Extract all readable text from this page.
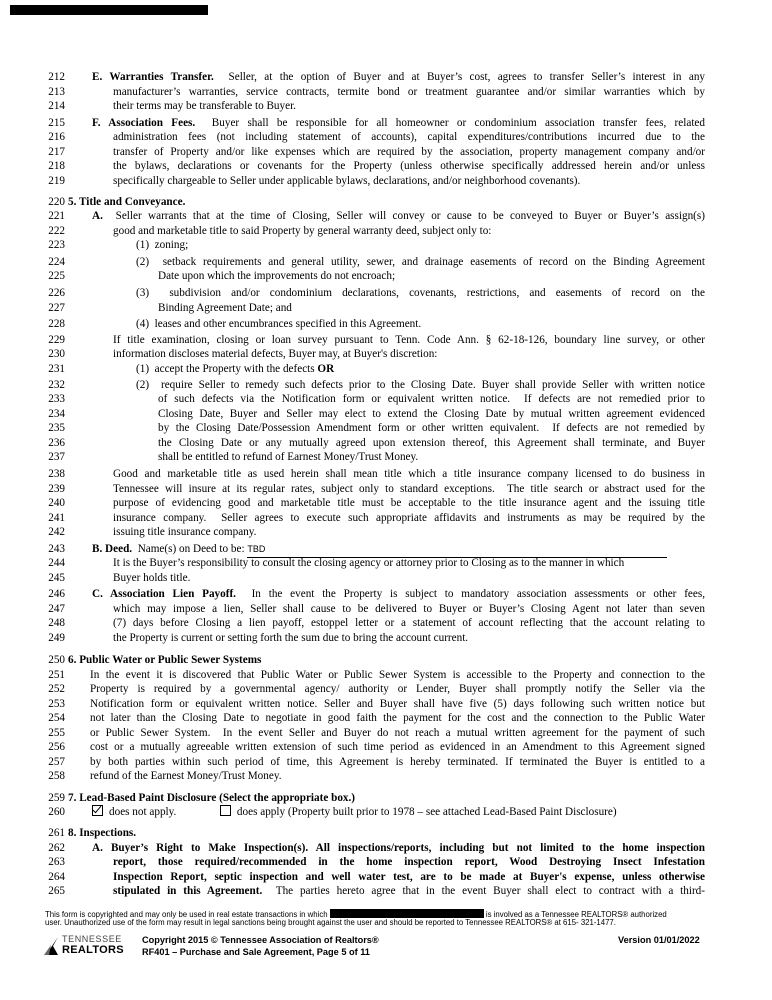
212 E. Warranties Transfer.  Seller, at the option of Buyer and at Buyer’s cost, agrees to transfer Seller’s interest in any
213	manufacturer’s warranties, service contracts, termite bond or treatment guarantee and/or similar warranties which by
214	their terms may be transferable to Buyer.
215 F. Association Fees.  Buyer shall be responsible for all homeowner or condominium association transfer fees, related
216	administration fees (not including statement of accounts), capital expenditures/contributions incurred due to the
217	transfer of Property and/or like expenses which are required by the association, property management company and/or
218	the bylaws, declarations or covenants for the Property (unless otherwise specifically addressed herein and/or unless
219	specifically chargeable to Seller under applicable bylaws, declarations, and/or neighborhood covenants).
220 5. Title and Conveyance.
221 A.  Seller warrants that at the time of Closing, Seller will convey or cause to be conveyed to Buyer or Buyer’s assign(s)
222	good and marketable title to said Property by general warranty deed, subject only to:
223	(1)  zoning;
224	(2)  setback requirements and general utility, sewer, and drainage easements of record on the Binding Agreement
225	Date upon which the improvements do not encroach;
226	(3)  subdivision and/or condominium declarations, covenants, restrictions, and easements of record on the
227	Binding Agreement Date; and
228	(4)  leases and other encumbrances specified in this Agreement.
229	If title examination, closing or loan survey pursuant to Tenn. Code Ann. § 62-18-126, boundary line survey, or other
230	information discloses material defects, Buyer may, at Buyer's discretion:
231	(1)  accept the Property with the defects OR
232	(2)  require Seller to remedy such defects prior to the Closing Date. Buyer shall provide Seller with written notice
233	of such defects via the Notification form or equivalent written notice.  If defects are not remedied prior to
234	Closing Date, Buyer and Seller may elect to extend the Closing Date by mutual written agreement evidenced
235	by the Closing Date/Possession Amendment form or other written equivalent.  If defects are not remedied by
236	the Closing Date or any mutually agreed upon extension thereof, this Agreement shall terminate, and Buyer
237	shall be entitled to refund of Earnest Money/Trust Money.
238	Good and marketable title as used herein shall mean title which a title insurance company licensed to do business in
239	Tennessee will insure at its regular rates, subject only to standard exceptions.  The title search or abstract used for the
240	purpose of evidencing good and marketable title must be acceptable to the title insurance agent and the issuing title
241	insurance company.  Seller agrees to execute such appropriate affidavits and instruments as may be required by the
242	issuing title insurance company.
243 B. Deed.  Name(s) on Deed to be: TBD
244	It is the Buyer’s responsibility to consult the closing agency or attorney prior to Closing as to the manner in which
245	Buyer holds title.
246 C. Association Lien Payoff.  In the event the Property is subject to mandatory association assessments or other fees,
247	which may impose a lien, Seller shall cause to be delivered to Buyer or Buyer’s Closing Agent not later than seven
248	(7) days before Closing a lien payoff, estoppel letter or a statement of account reflecting that the account relating to
249	the Property is current or setting forth the sum due to bring the account current.
250 6. Public Water or Public Sewer Systems
251 In the event it is discovered that Public Water or Public Sewer System is accessible to the Property and connection to the
252 Property is required by a governmental agency/ authority or Lender, Buyer shall promptly notify the Seller via the
253 Notification form or equivalent written notice. Seller and Buyer shall have five (5) days following such written notice but
254 not later than the Closing Date to negotiate in good faith the payment for the cost and the connection to the Public Water
255 or Public Sewer System.  In the event Seller and Buyer do not reach a mutual written agreement for the payment of such
256 cost or a mutually agreeable written extension of such time period as evidenced in an Amendment to this Agreement signed
257 by both parties within such period of time, this Agreement is hereby terminated. If terminated the Buyer is entitled to a
258 refund of the Earnest Money/Trust Money.
259 7. Lead-Based Paint Disclosure (Select the appropriate box.)
261 8. Inspections.
262 A. Buyer’s Right to Make Inspection(s). All inspections/reports, including but not limited to the home inspection
263	report, those required/recommended in the home inspection report, Wood Destroying Insect Infestation
264	Inspection Report, septic inspection and well water test, are to be made at Buyer's expense, unless otherwise
265	stipulated in this Agreement.  The parties hereto agree that in the event Buyer shall elect to contract with a third-
260	does not apply.	does apply (Property built prior to 1978 – see attached Lead-Based Paint Disclosure)
This form is copyrighted and may only be used in real estate transactions in which	is involved as a Tennessee REALTORS® authorized
user. Unauthorized use of the form may result in legal sanctions being brought against the user and should be reported to Tennessee REALTORS® at 615- 321-1477.
TENNESSEE
REALTORS
Copyright 2015 © Tennessee Association of Realtors®
RF401 – Purchase and Sale Agreement, Page 5 of 11
Version 01/01/2022
